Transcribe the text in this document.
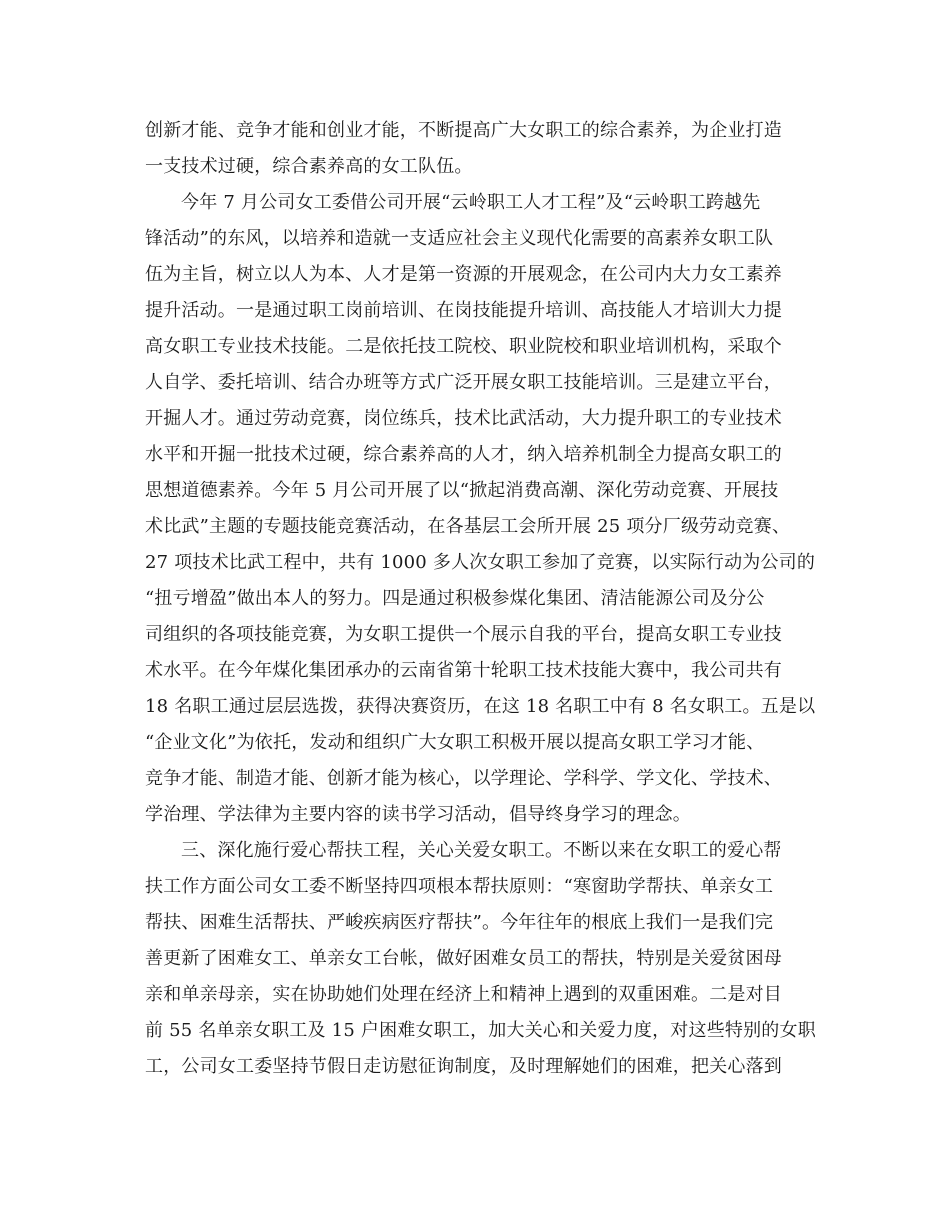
创新才能、竞争才能和创业才能，不断提高广大女职工的综合素养，为企业打造
一支技术过硬，综合素养高的女工队伍。
今年 7 月公司女工委借公司开展“云岭职工人才工程”及“云岭职工跨越先
锋活动”的东风，以培养和造就一支适应社会主义现代化需要的高素养女职工队
伍为主旨，树立以人为本、人才是第一资源的开展观念，在公司内大力女工素养
提升活动。一是通过职工岗前培训、在岗技能提升培训、高技能人才培训大力提
高女职工专业技术技能。二是依托技工院校、职业院校和职业培训机构，采取个
人自学、委托培训、结合办班等方式广泛开展女职工技能培训。三是建立平台，
开掘人才。通过劳动竞赛，岗位练兵，技术比武活动，大力提升职工的专业技术
水平和开掘一批技术过硬，综合素养高的人才，纳入培养机制全力提高女职工的
思想道德素养。今年 5 月公司开展了以“掀起消费高潮、深化劳动竞赛、开展技
术比武”主题的专题技能竞赛活动，在各基层工会所开展 25 项分厂级劳动竞赛、
27 项技术比武工程中，共有 1000 多人次女职工参加了竞赛，以实际行动为公司的
“扭亏增盈”做出本人的努力。四是通过积极参煤化集团、清洁能源公司及分公
司组织的各项技能竞赛，为女职工提供一个展示自我的平台，提高女职工专业技
术水平。在今年煤化集团承办的云南省第十轮职工技术技能大赛中，我公司共有
18 名职工通过层层选拨，获得决赛资历，在这 18 名职工中有 8 名女职工。五是以
“企业文化”为依托，发动和组织广大女职工积极开展以提高女职工学习才能、
竞争才能、制造才能、创新才能为核心，以学理论、学科学、学文化、学技术、
学治理、学法律为主要内容的读书学习活动，倡导终身学习的理念。
三、深化施行爱心帮扶工程，关心关爱女职工。不断以来在女职工的爱心帮
扶工作方面公司女工委不断坚持四项根本帮扶原则：“寒窗助学帮扶、单亲女工
帮扶、困难生活帮扶、严峻疾病医疗帮扶”。今年往年的根底上我们一是我们完
善更新了困难女工、单亲女工台帐，做好困难女员工的帮扶，特别是关爱贫困母
亲和单亲母亲，实在协助她们处理在经济上和精神上遇到的双重困难。二是对目
前 55 名单亲女职工及 15 户困难女职工，加大关心和关爱力度，对这些特别的女职
工，公司女工委坚持节假日走访慰征询制度，及时理解她们的困难，把关心落到
